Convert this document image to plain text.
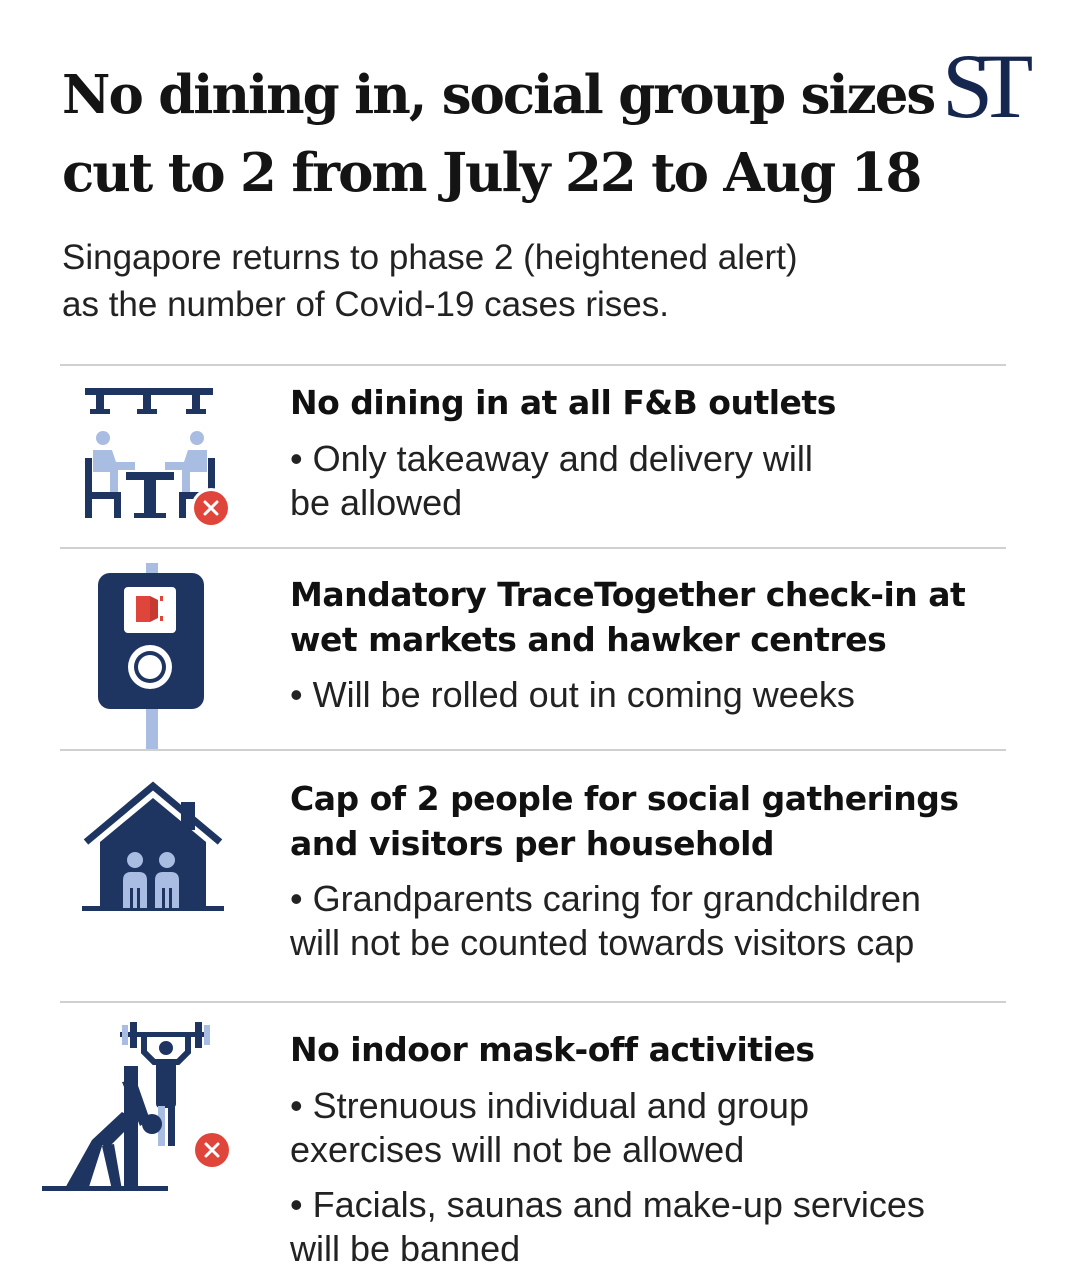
No dining in, social group sizes
cut to 2 from July 22 to Aug 18
ST

Singapore returns to phase 2 (heightened alert)
as the number of Covid-19 cases rises.

No dining in at all F&B outlets

• Only takeaway and delivery will
be allowed

Mandatory TraceTogether check-in at
wet markets and hawker centres

• Will be rolled out in coming weeks

Cap of 2 people for social gatherings
and visitors per household

• Grandparents caring for grandchildren
will not be counted towards visitors cap

No indoor mask-off activities

• Strenuous individual and group
exercises will not be allowed

• Facials, saunas and make-up services
will be banned
